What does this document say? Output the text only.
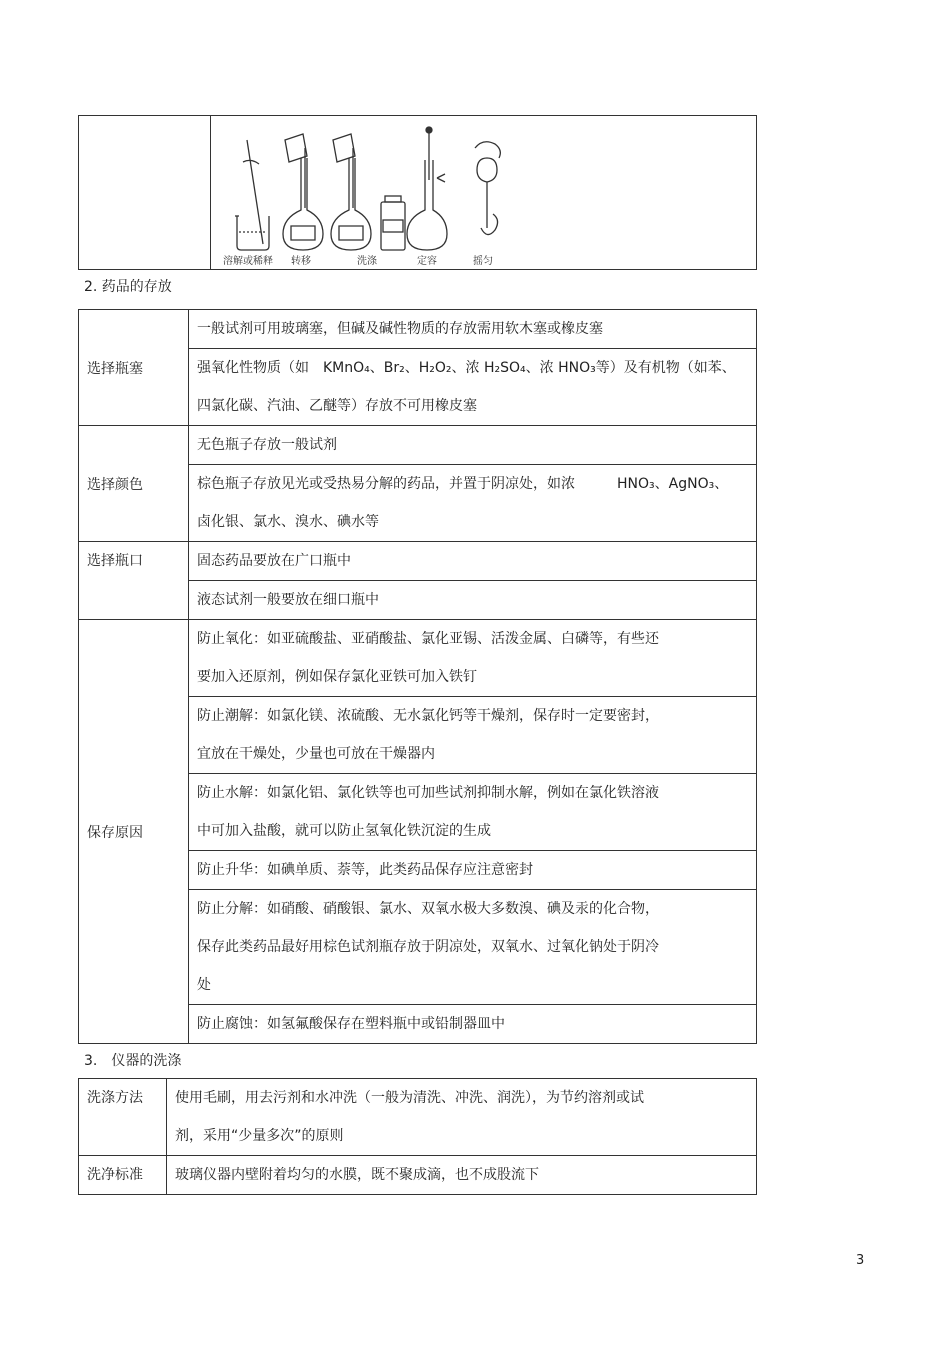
溶解或稀释 转移	洗涤	定容	摇匀
2. 药品的存放
选择瓶塞	一般试剂可用玻璃塞，但碱及碱性物质的存放需用软木塞或橡皮塞

	强氧化性物质（如　KMnO₄、Br₂、H₂O₂、浓 H₂SO₄、浓 HNO₃等）及有机物（如苯、
四氯化碳、汽油、乙醚等）存放不可用橡皮塞

选择颜色	无色瓶子存放一般试剂

	棕色瓶子存放见光或受热易分解的药品，并置于阴凉处，如浓　　　HNO₃、AgNO₃、
卤化银、氯水、溴水、碘水等

选择瓶口	固态药品要放在广口瓶中

	液态试剂一般要放在细口瓶中

保存原因	防止氧化：如亚硫酸盐、亚硝酸盐、氯化亚锡、活泼金属、白磷等，有些还
要加入还原剂，例如保存氯化亚铁可加入铁钉

	防止潮解：如氯化镁、浓硫酸、无水氯化钙等干燥剂，保存时一定要密封，
宜放在干燥处，少量也可放在干燥器内

	防止水解：如氯化铝、氯化铁等也可加些试剂抑制水解，例如在氯化铁溶液
中可加入盐酸，就可以防止氢氧化铁沉淀的生成

	防止升华：如碘单质、萘等，此类药品保存应注意密封

	防止分解：如硝酸、硝酸银、氯水、双氧水极大多数溴、碘及汞的化合物，
保存此类药品最好用棕色试剂瓶存放于阴凉处，双氧水、过氧化钠处于阴冷
处

	防止腐蚀：如氢氟酸保存在塑料瓶中或铅制器皿中
3.　仪器的洗涤
洗涤方法	使用毛刷，用去污剂和水冲洗（一般为清洗、冲洗、润洗），为节约溶剂或试
剂，采用“少量多次”的原则

洗净标准	玻璃仪器内壁附着均匀的水膜，既不聚成滴，也不成股流下
3
